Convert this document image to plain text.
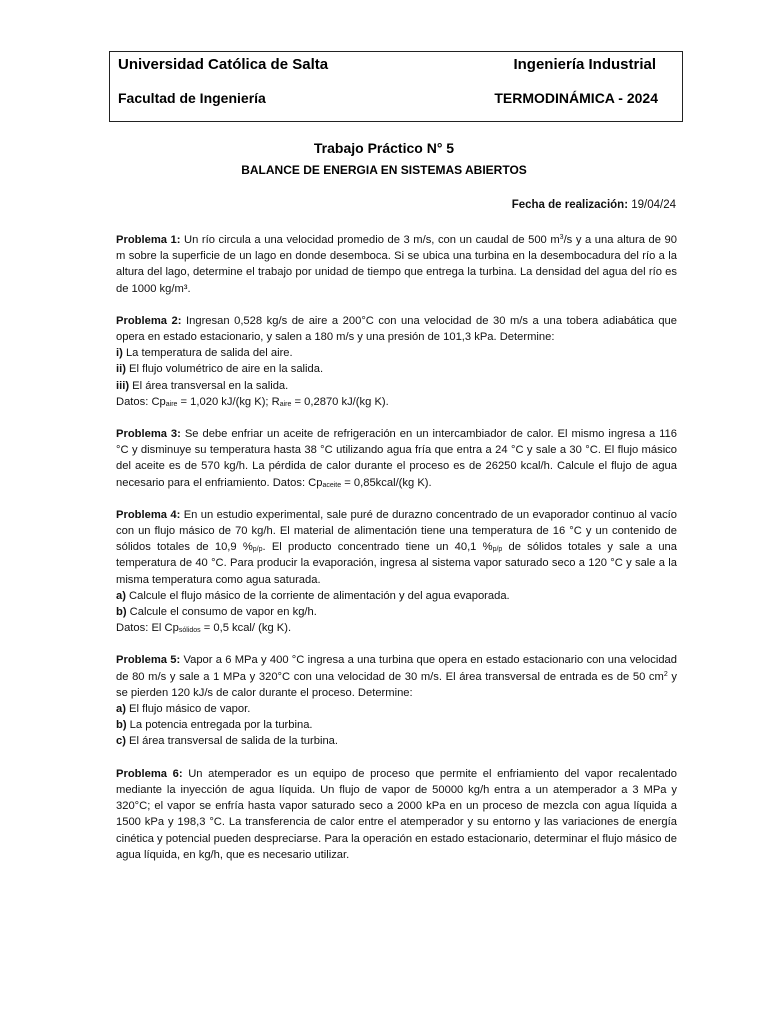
Universidad Católica de Salta	Ingeniería Industrial
Facultad de Ingeniería	TERMODINÁMICA - 2024
Trabajo Práctico N° 5
BALANCE DE ENERGIA EN SISTEMAS ABIERTOS
Fecha de realización: 19/04/24

Problema 1: Un río circula a una velocidad promedio de 3 m/s, con un caudal de 500 $m^3/s$ y a una altura de 90 m sobre la superficie de un lago en donde desemboca. Si se ubica una turbina en la desembocadura del río a la altura del lago, determine el trabajo por unidad de tiempo que entrega la turbina. La densidad del agua del río es de 1000 kg/m³.

Problema 2: Ingresan 0,528 kg/s de aire a 200°C con una velocidad de 30 m/s a una tobera adiabática que opera en estado estacionario, y salen a 180 m/s y una presión de 101,3 kPa. Determine:

i) La temperatura de salida del aire.
ii) El flujo volumétrico de aire en la salida.
iii) El área transversal en la salida.
Datos: $Cp_{aire} = 1,020$ kJ/(kg K); $R_{aire} = 0,2870$ kJ/(kg K).

Problema 3: Se debe enfriar un aceite de refrigeración en un intercambiador de calor. El mismo ingresa a 116 °C y disminuye su temperatura hasta 38 °C utilizando agua fría que entra a 24 °C y sale a 30 °C. El flujo másico del aceite es de 570 kg/h. La pérdida de calor durante el proceso es de 26250 kcal/h. Calcule el flujo de agua necesario para el enfriamiento. Datos: $Cp_{aceite}$ = 0,85kcal/(kg K).

Problema 4: En un estudio experimental, sale puré de durazno concentrado de un evaporador continuo al vacío con un flujo másico de 70 kg/h. El material de alimentación tiene una temperatura de 16 °C y un contenido de sólidos totales de 10,9 $\%_{p/p}$. El producto concentrado tiene un 40,1 $\%_{p/p}$ de sólidos totales y sale a una temperatura de 40 °C. Para producir la evaporación, ingresa al sistema vapor saturado seco a 120 °C y sale a la misma temperatura como agua saturada.

a) Calcule el flujo másico de la corriente de alimentación y del agua evaporada.
b) Calcule el consumo de vapor en kg/h.
Datos: El $Cp_{sólidos} = 0,5$ kcal/ (kg K).

Problema 5: Vapor a 6 MPa y 400 °C ingresa a una turbina que opera en estado estacionario con una velocidad de 80 m/s y sale a 1 MPa y 320°C con una velocidad de 30 m/s. El área transversal de entrada es de 50 $cm^2$ y se pierden 120 kJ/s de calor durante el proceso. Determine:

a) El flujo másico de vapor.
b) La potencia entregada por la turbina.
c) El área transversal de salida de la turbina.

Problema 6: Un atemperador es un equipo de proceso que permite el enfriamiento del vapor recalentado mediante la inyección de agua líquida. Un flujo de vapor de 50000 kg/h entra a un atemperador a 3 MPa y 320°C; el vapor se enfría hasta vapor saturado seco a 2000 kPa en un proceso de mezcla con agua líquida a 1500 kPa y 198,3 °C. La transferencia de calor entre el atemperador y su entorno y las variaciones de energía cinética y potencial pueden despreciarse. Para la operación en estado estacionario, determinar el flujo másico de agua líquida, en kg/h, que es necesario utilizar.
